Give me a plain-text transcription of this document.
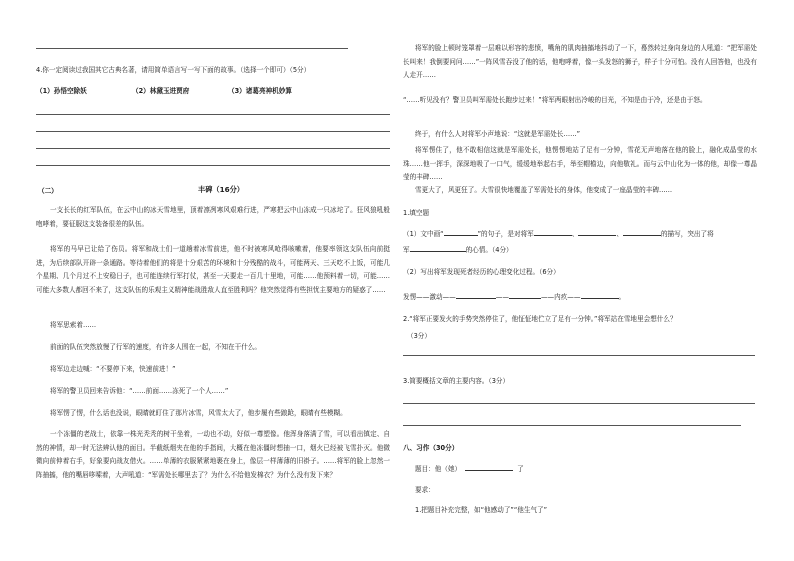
4.你一定阅读过我国其它古典名著，请用简单语言写一写下面的故事。（选择一个即可）（5分）
（1）孙悟空除妖	（2）林黛玉进贾府	（3）诸葛亮神机妙算
（二）	丰碑（16分）
一支长长的红军队伍，在云中山的冰天雪地里，顶着凛冽寒风艰难行进，严寒把云中山冻成一只冰坨了。狂风狼吼般咆哮着，要征服这支装备很差的队伍。
将军的马早已让给了伤员。将军和战士们一道趟着冰雪前进，他不时被寒风呛得咳嗽着，他要率领这支队伍向前挺进，为后续部队开辟一条通路。等待着他们的将是十分艰苦的环境和十分残酷的战斗，可能两天、三天吃不上饭，可能几个星期、几个月过不上安稳日子，也可能连续行军打仗，甚至一天要走一百几十里地，可能……他预料着一切，可能……可能大多数人都回不来了，这支队伍的乐观主义精神能战胜敌人直至胜利吗？他突然觉得有些担忧主要地方的疑惑了……
将军思索着……
前面的队伍突然放慢了行军的速度，有许多人围在一起，不知在干什么。
将军边走边喊：“不要停下来，快速前进！”
将军的警卫员回来告诉他：“……前面……冻死了一个人……”
将军愣了愣，什么话也没说，眼睛就盯住了那片冰雪，风雪太大了，他步履有些踉跄，眼睛有些模糊。
一个冻僵的老战士，依靠一株光秃秃的树干坐着，一动也不动，好似一尊塑像。他浑身落满了雪，可以看出镇定、自然的神情，却一时无法辨认他的面目。半截纸烟夹在他的手指间，大概在他冻僵时想抽一口，烟火已经被飞雪扑灭。他微微向前伸着右手，好象要向战友借火。……单薄的衣服紧紧地裹在身上，像层一样薄薄的旧褂子。……将军的脸上忽然一阵抽搐，他的嘴唇哆嗦着，大声吼道：“军需处长哪里去了？为什么不给他发棉衣？为什么没有发下来？
将军的脸上顿时笼罩着一层难以形容的悲愤，嘴角的肌肉抽搐地抖动了一下，蓦然转过身向身边的人吼道：“把军需处长叫来！我倒要问问……”一阵风雪吞没了他的话，他咆哮着，像一头发怒的狮子，样子十分可怕。没有人回答他，也没有人走开……
“……听见没有？警卫员叫军需处长跑步过来！”将军两眼射出冷峻的目光，不知是由于冷，还是由于怒。
终于，有什么人对将军小声地说：“这就是军需处长……”
将军愣住了，他不敢相信这就是军需处长，他愣愣地站了足有一分钟，雪花无声地落在他的脸上，融化成晶莹的水珠……他一挥手，深深地吸了一口气，缓缓地举起右手，举至帽檐边，向他敬礼。而与云中山化为一体的他，却像一尊晶莹的丰碑……
雪更大了，风更狂了。大雪很快地覆盖了军需处长的身体，他变成了一座晶莹的丰碑……
1.填空题
（1）文中画“	”的句子，是对将军	、	、	的描写，突出了将
军	的心情。（4分）
（2）写出将军发现死者经历的心理变化过程。（6分）
发愣——激动——	——	——内疚——	。
2.“将军正要发火的手势突然停住了，他怔怔地伫立了足有一分钟。”将军站在雪地里会想什么？
（3分）
3.简要概括文章的主要内容。（3分）
八、习作（30分）
题目：他（她）	了
要求：
1.把题目补充完整，如“他感动了”“他生气了”
